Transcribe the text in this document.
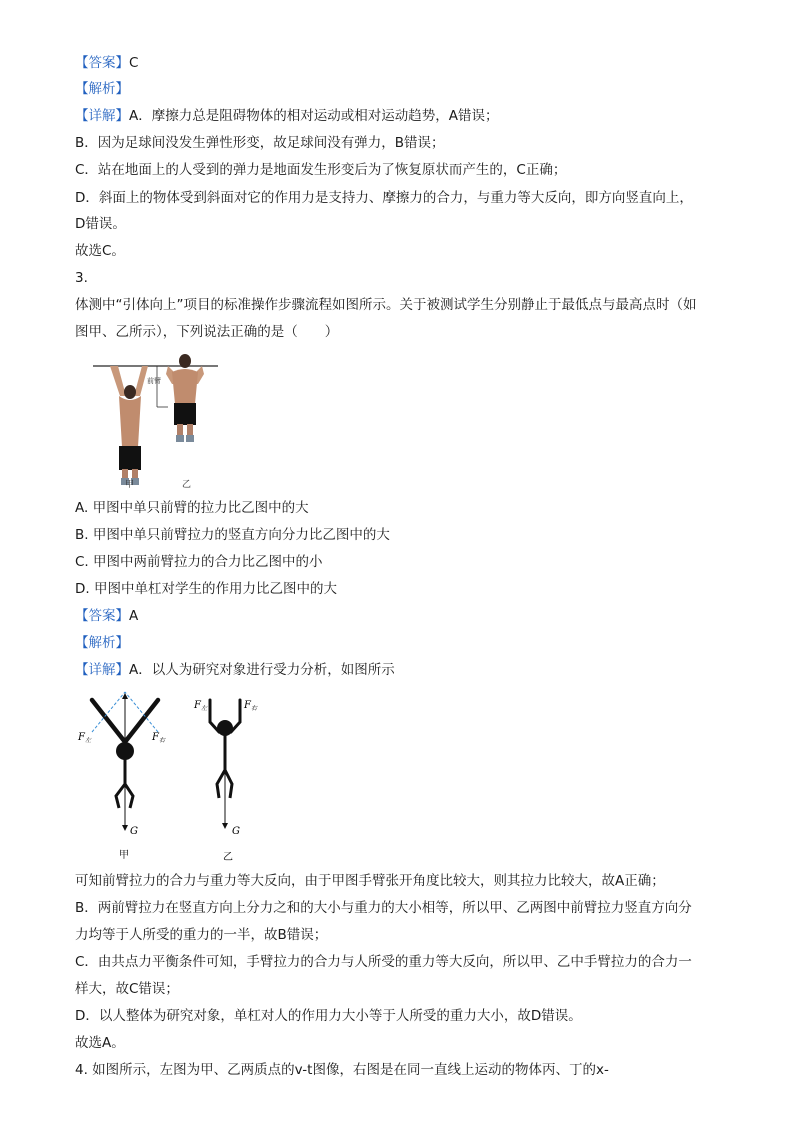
【答案】C
【解析】
【详解】A．摩擦力总是阻碍物体的相对运动或相对运动趋势，A错误；
B．因为足球间没发生弹性形变，故足球间没有弹力，B错误；
C．站在地面上的人受到的弹力是地面发生形变后为了恢复原状而产生的，C正确；
D．斜面上的物体受到斜面对它的作用力是支持力、摩擦力的合力，与重力等大反向，即方向竖直向上，
D错误。
故选C。
3.
体测中“引体向上”项目的标准操作步骤流程如图所示。关于被测试学生分别静止于最低点与最高点时（如
图甲、乙所示），下列说法正确的是（　　）
前臂
甲	乙
A. 甲图中单只前臂的拉力比乙图中的大
B. 甲图中单只前臂拉力的竖直方向分力比乙图中的大
C. 甲图中两前臂拉力的合力比乙图中的小
D. 甲图中单杠对学生的作用力比乙图中的大
【答案】A
【解析】
【详解】A．以人为研究对象进行受力分析，如图所示
$F_左$	$F_右$
G
甲
$F_左$	$F_右$
G
乙
可知前臂拉力的合力与重力等大反向，由于甲图手臂张开角度比较大，则其拉力比较大，故A正确；
B．两前臂拉力在竖直方向上分力之和的大小与重力的大小相等，所以甲、乙两图中前臂拉力竖直方向分
力均等于人所受的重力的一半，故B错误；
C．由共点力平衡条件可知，手臂拉力的合力与人所受的重力等大反向，所以甲、乙中手臂拉力的合力一
样大，故C错误；
D．以人整体为研究对象，单杠对人的作用力大小等于人所受的重力大小，故D错误。
故选A。
4. 如图所示，左图为甲、乙两质点的v-t图像，右图是在同一直线上运动的物体丙、丁的x-
